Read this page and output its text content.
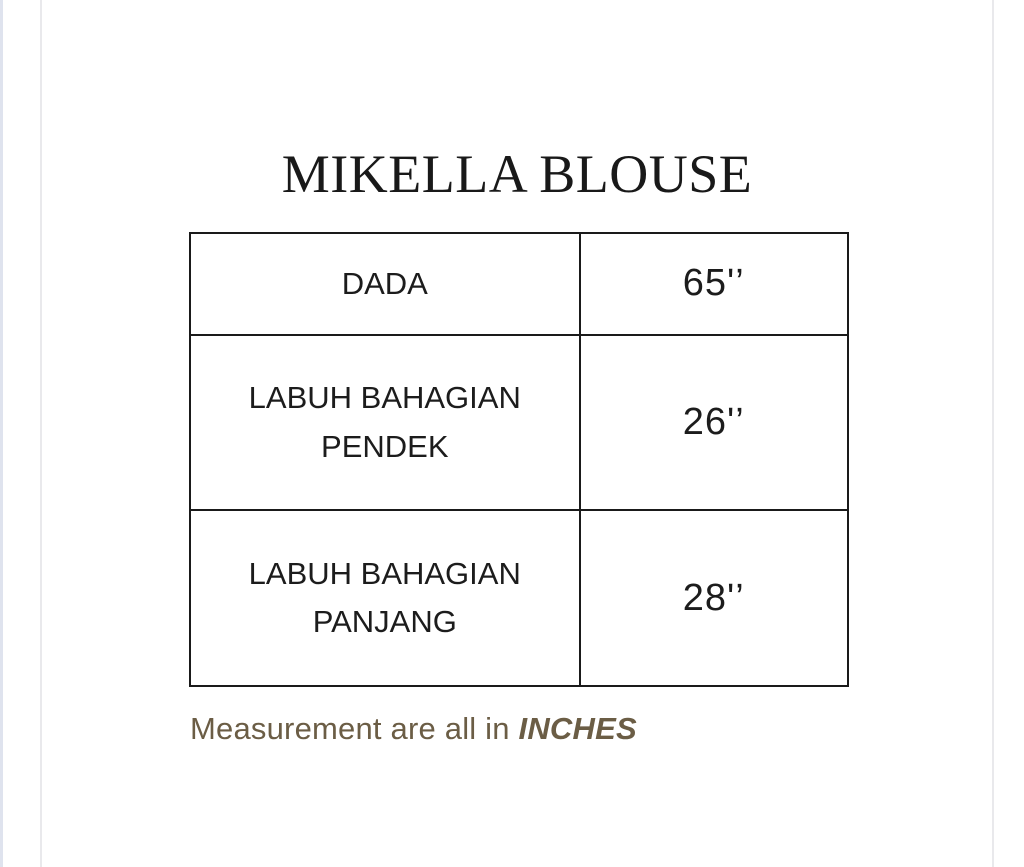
MIKELLA BLOUSE
DADA	65'’
LABUH BAHAGIAN PENDEK	26'’
LABUH BAHAGIAN PANJANG	28'’

Measurement are all in INCHES
